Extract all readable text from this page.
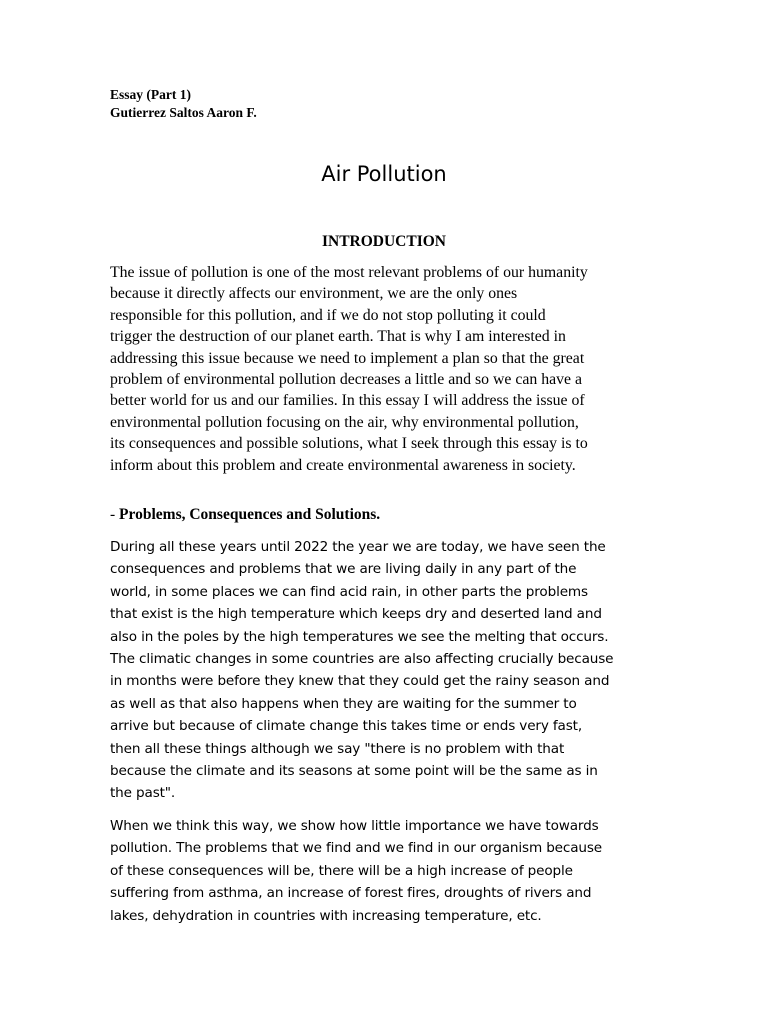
Essay (Part 1)
Gutierrez Saltos Aaron F.
Air Pollution
INTRODUCTION

The issue of pollution is one of the most relevant problems of our humanity
because it directly affects our environment, we are the only ones
responsible for this pollution, and if we do not stop polluting it could
trigger the destruction of our planet earth. That is why I am interested in
addressing this issue because we need to implement a plan so that the great
problem of environmental pollution decreases a little and so we can have a
better world for us and our families. In this essay I will address the issue of
environmental pollution focusing on the air, why environmental pollution,
its consequences and possible solutions, what I seek through this essay is to
inform about this problem and create environmental awareness in society.

- Problems, Consequences and Solutions.

During all these years until 2022 the year we are today, we have seen the
consequences and problems that we are living daily in any part of the
world, in some places we can find acid rain, in other parts the problems
that exist is the high temperature which keeps dry and deserted land and
also in the poles by the high temperatures we see the melting that occurs.
The climatic changes in some countries are also affecting crucially because
in months were before they knew that they could get the rainy season and
as well as that also happens when they are waiting for the summer to
arrive but because of climate change this takes time or ends very fast,
then all these things although we say "there is no problem with that
because the climate and its seasons at some point will be the same as in
the past".

When we think this way, we show how little importance we have towards
pollution. The problems that we find and we find in our organism because
of these consequences will be, there will be a high increase of people
suffering from asthma, an increase of forest fires, droughts of rivers and
lakes, dehydration in countries with increasing temperature, etc.
